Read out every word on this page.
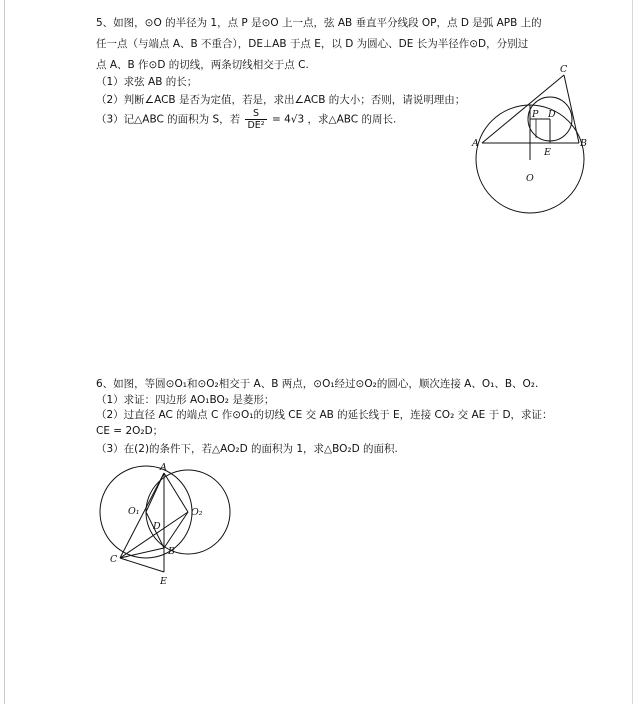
5、如图，⊙O 的半径为 1，点 P 是⊙O 上一点，弦 AB 垂直平分线段 OP，点 D 是弧 APB 上的
任一点（与端点 A、B 不重合），DE⊥AB 于点 E，以 D 为圆心、DE 长为半径作⊙D，分别过
点 A、B 作⊙D 的切线，两条切线相交于点 C.
（1）求弦 AB 的长；
（2）判断∠ACB 是否为定值，若是，求出∠ACB 的大小；否则，请说明理由；
（3）记△ABC 的面积为 S，若 $\frac{S}{\text{DE²}} = 4√3$ ，求△ABC 的周长.
C
P D
A	B
E
O
6、如图，等圆⊙O₁和⊙O₂相交于 A、B 两点，⊙O₁经过⊙O₂的圆心，顺次连接 A、O₁、B、O₂.
（1）求证：四边形 AO₁BO₂ 是菱形；
（2）过直径 AC 的端点 C 作⊙O₁的切线 CE 交 AB 的延长线于 E，连接 CO₂ 交 AE 于 D，求证：
CE = 2O₂D；
（3）在(2)的条件下，若△AO₂D 的面积为 1，求△BO₂D 的面积.
A
O₁	O₂
D
B
C
E
